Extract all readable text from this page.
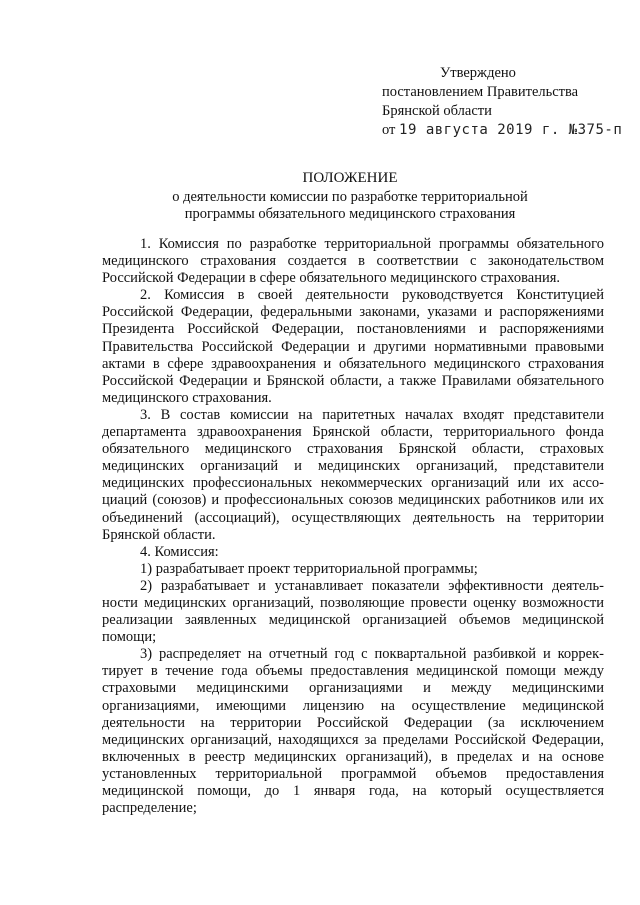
Утверждено
постановлением Правительства
Брянской области
от 19 августа 2019 г. №375-п
ПОЛОЖЕНИЕ
о деятельности комиссии по разработке территориальной
программы обязательного медицинского страхования

1. Комиссия по разработке территориальной программы обязательного медицинского страхования создается в соответствии с законодательством Российской Федерации в сфере обязательного медицинского страхования.

2. Комиссия в своей деятельности руководствуется Конституцией Российской Федерации, федеральными законами, указами и распоряжениями Президента Российской Федерации, постановлениями и распоряжениями Правительства Российской Федерации и другими нормативными правовыми актами в сфере здравоохранения и обязательного медицинского страхования Российской Федерации и Брянской области, а также Правилами обязательного медицинского страхования.

3. В состав комиссии на паритетных началах входят представители департамента здравоохранения Брянской области, территориального фонда обязательного медицинского страхования Брянской области, страховых медицинских организаций и медицинских организаций, представители медицинских профессиональных некоммерческих организаций или их ассоциаций (союзов) и профессиональных союзов медицинских работников или их объединений (ассоциаций), осуществляющих деятельность на территории Брянской области.

4. Комиссия:

1) разрабатывает проект территориальной программы;

2) разрабатывает и устанавливает показатели эффективности деятельности медицинских организаций, позволяющие провести оценку возможности реализации заявленных медицинской организацией объемов медицинской помощи;

3) распределяет на отчетный год с поквартальной разбивкой и корректирует в течение года объемы предоставления медицинской помощи между страховыми медицинскими организациями и между медицинскими организациями, имеющими лицензию на осуществление медицинской деятельности на территории Российской Федерации (за исключением медицинских организаций, находящихся за пределами Российской Федерации, включенных в реестр медицинских организаций), в пределах и на основе установленных территориальной программой объемов предоставления медицинской помощи, до 1 января года, на который осуществляется распределение;
